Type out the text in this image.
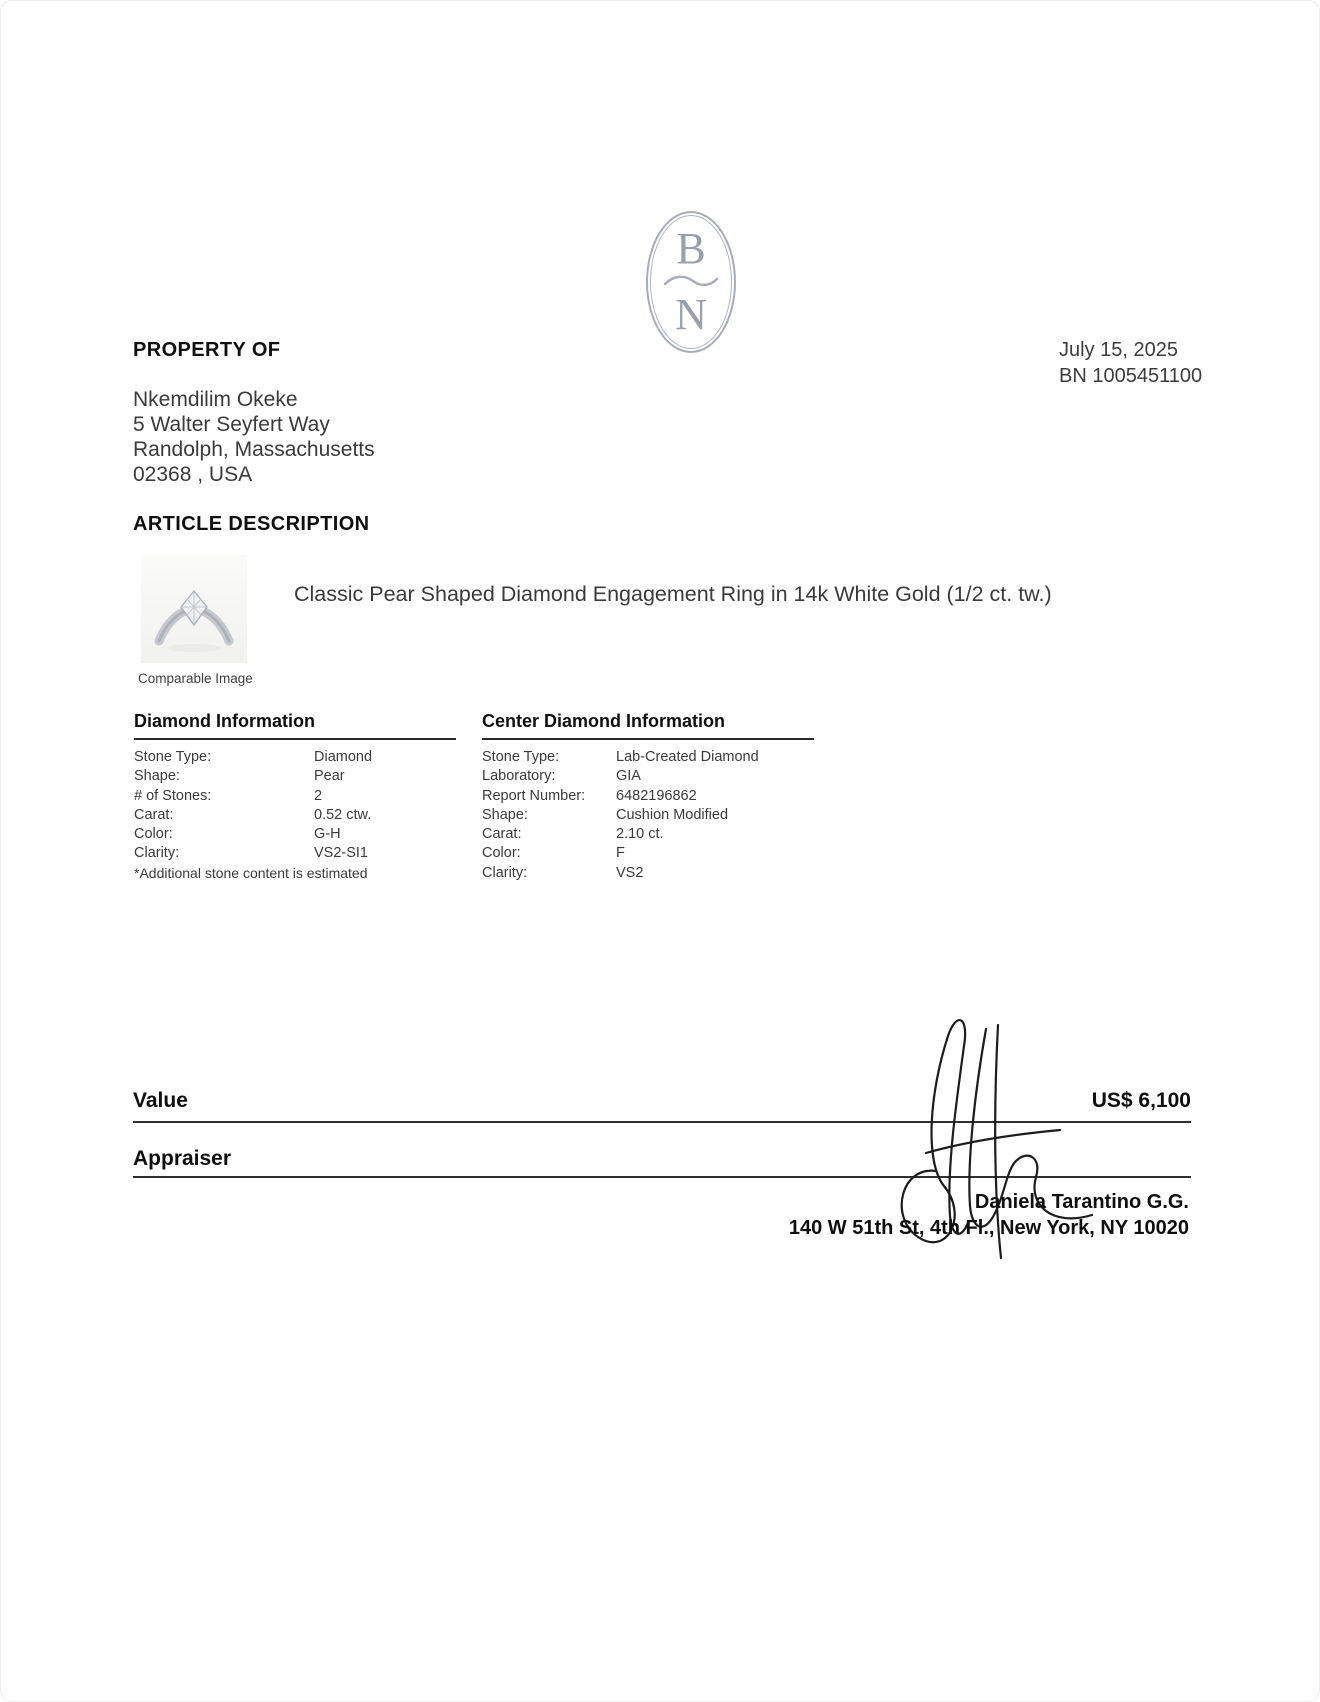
B
N
July 15, 2025
BN 1005451100
PROPERTY OF
Nkemdilim Okeke
5 Walter Seyfert Way
Randolph, Massachusetts
02368 , USA
ARTICLE DESCRIPTION
Comparable Image
Classic Pear Shaped Diamond Engagement Ring in 14k White Gold (1/2 ct. tw.)
Diamond Information
Stone Type:	Diamond
Shape:	Pear
# of Stones:	2
Carat:	0.52 ctw.
Color:	G-H
Clarity:	VS2-SI1
*Additional stone content is estimated
Center Diamond Information
Stone Type:	Lab-Created Diamond
Laboratory:	GIA
Report Number:	6482196862
Shape:	Cushion Modified
Carat:	2.10 ct.
Color:	F
Clarity:	VS2
Value	US$ 6,100
Appraiser
Daniela Tarantino G.G.
140 W 51th St, 4th Fl., New York, NY 10020
